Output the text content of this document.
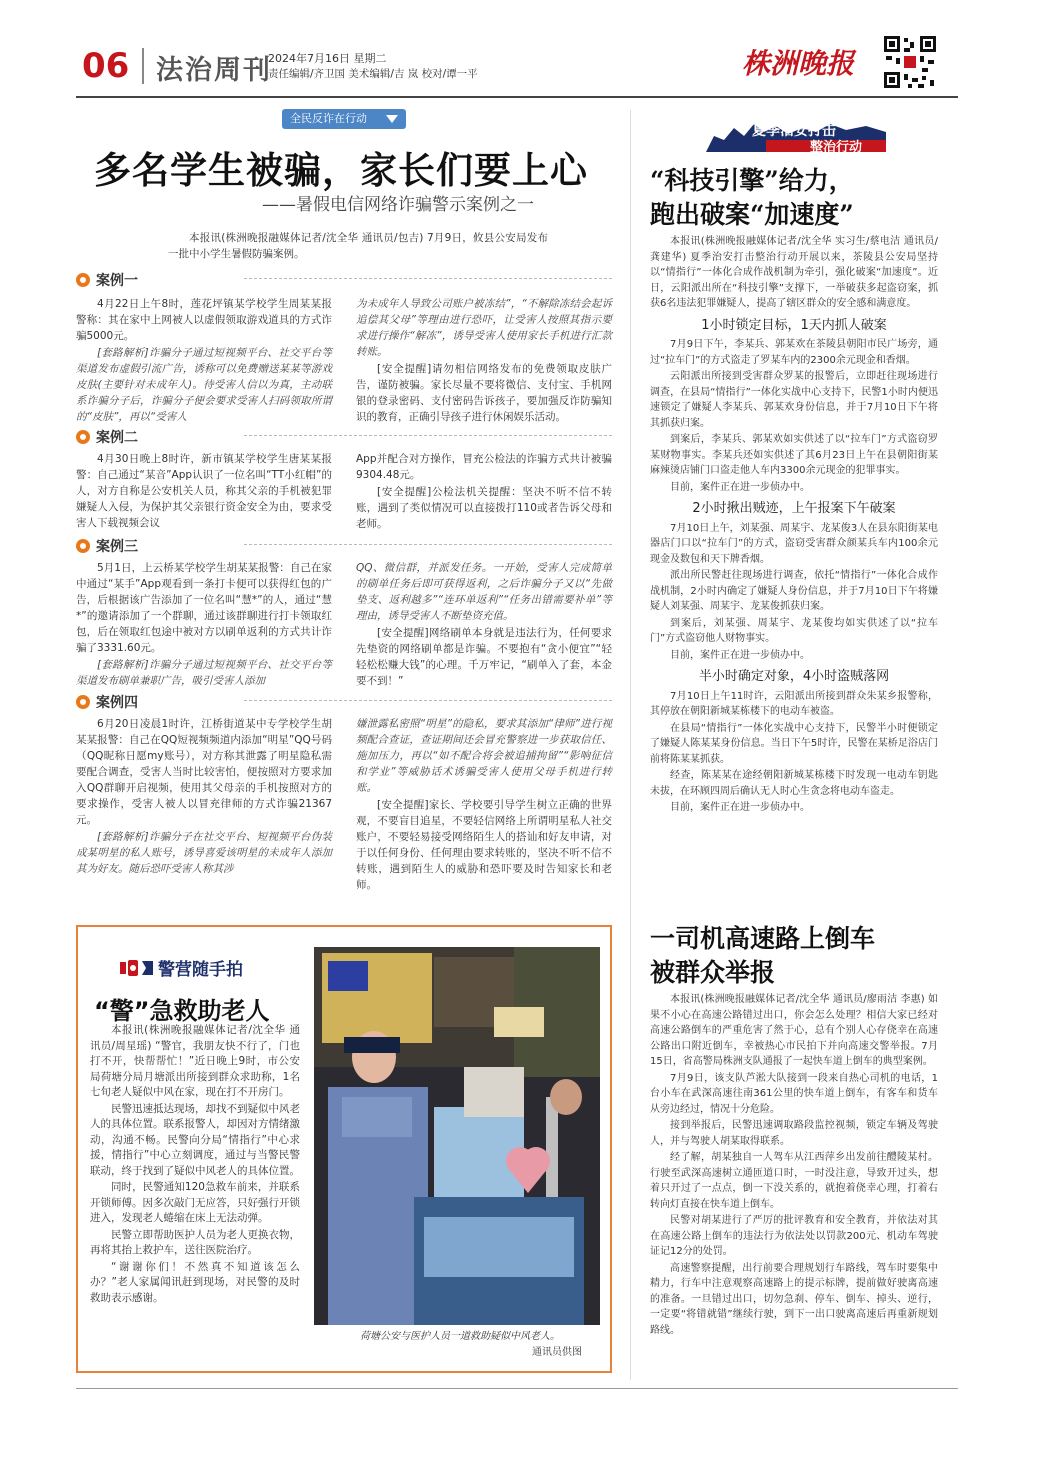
06 法治周刊
2024年7月16日 星期二
责任编辑/齐卫国 美术编辑/吉 岚 校对/谭一平	株洲晚报
全民反诈在行动
多名学生被骗，家长们要上心
——暑假电信网络诈骗警示案例之一
本报讯(株洲晚报融媒体记者/沈全华 通讯员/包吉) 7月9日，攸县公安局发布一批中小学生暑假防骗案例。
案例一

4月22日上午8时，莲花坪镇某学校学生周某某报警称：其在家中上网被人以虚假领取游戏道具的方式诈骗5000元。

[套路解析]诈骗分子通过短视频平台、社交平台等渠道发布虚假引流广告，诱称可以免费赠送某某等游戏皮肤(主要针对未成年人)。待受害人信以为真，主动联系诈骗分子后，诈骗分子便会要求受害人扫码领取所谓的“皮肤”，再以“受害人

为未成年人导致公司账户被冻结”，“不解除冻结会起诉追偿其父母”等理由进行恐吓，让受害人按照其指示要求进行操作“解冻”，诱导受害人使用家长手机进行汇款转账。

[安全提醒]请勿相信网络发布的免费领取皮肤广告，谨防被骗。家长尽量不要将微信、支付宝、手机网银的登录密码、支付密码告诉孩子，要加强反诈防骗知识的教育，正确引导孩子进行休闲娱乐活动。

案例二

4月30日晚上8时许，新市镇某学校学生唐某某报警：自己通过“某音”App认识了一位名叫“TT小红帽”的人，对方自称是公安机关人员，称其父亲的手机被犯罪嫌疑人入侵，为保护其父亲银行资金安全为由，要求受害人下载视频会议

App并配合对方操作，冒充公检法的诈骗方式共计被骗9304.48元。

[安全提醒]公检法机关提醒：坚决不听不信不转账，遇到了类似情况可以直接拨打110或者告诉父母和老师。

案例三

5月1日，上云桥某学校学生胡某某报警：自己在家中通过“某手”App观看到一条打卡便可以获得红包的广告，后根据该广告添加了一位名叫“慧*”的人，通过“慧*”的邀请添加了一个群聊，通过该群聊进行打卡领取红包，后在领取红包途中被对方以刷单返利的方式共计诈骗了3331.60元。

[套路解析]诈骗分子通过短视频平台、社交平台等渠道发布刷单兼职广告，吸引受害人添加

QQ、微信群，并派发任务。一开始，受害人完成简单的刷单任务后即可获得返利，之后诈骗分子又以“先做垫支、返利越多”“连环单返利”“任务出错需要补单”等理由，诱导受害人不断垫资充值。

[安全提醒]网络刷单本身就是违法行为，任何要求先垫资的网络刷单都是诈骗。不要抱有“贪小便宜”“轻轻松松赚大钱”的心理。千万牢记，“刷单入了套，本金要不到！”

案例四

6月20日凌晨1时许，江桥街道某中专学校学生胡某某报警：自己在QQ短视频频道内添加“明星”QQ号码（QQ昵称日愿my账号），对方称其泄露了明星隐私需要配合调查，受害人当时比较害怕，便按照对方要求加入QQ群聊开启视频，使用其父母亲的手机按照对方的要求操作，受害人被人以冒充律师的方式诈骗21367元。

[套路解析]诈骗分子在社交平台、短视频平台伪装成某明星的私人账号，诱导喜爱该明星的未成年人添加其为好友。随后恐吓受害人称其涉

嫌泄露私密照“明星”的隐私，要求其添加“律师”进行视频配合查证，查证期间还会冒充警察进一步获取信任、施加压力，再以“如不配合将会被追捕拘留”“影响征信和学业”等威胁话术诱骗受害人使用父母手机进行转账。

[安全提醒]家长、学校要引导学生树立正确的世界观，不要盲目追星，不要轻信网络上所谓明星私人社交账户，不要轻易接受网络陌生人的搭讪和好友申请，对于以任何身份、任何理由要求转账的，坚决不听不信不转账，遇到陌生人的威胁和恐吓要及时告知家长和老师。

警营随手拍
“警”急救助老人

本报讯(株洲晚报融媒体记者/沈全华 通讯员/周星瑶) “警官，我朋友快不行了，门也打不开，快帮帮忙！”近日晚上9时，市公安局荷塘分局月塘派出所接到群众求助称，1名七旬老人疑似中风在家，现在打不开房门。

民警迅速抵达现场，却找不到疑似中风老人的具体位置。联系报警人，却因对方情绪激动，沟通不畅。民警向分局“情指行”中心求援，情指行”中心立刻调度，通过与当警民警联动，终于找到了疑似中风老人的具体位置。

同时，民警通知120急救车前来，并联系开锁师傅。因多次敲门无应答，只好强行开锁进入，发现老人蜷缩在床上无法动弹。

民警立即帮助医护人员为老人更换衣物，再将其抬上救护车，送往医院治疗。

“谢谢你们！不然真不知道该怎么办？”老人家属闻讯赶到现场，对民警的及时救助表示感谢。

荷塘公安与医护人员一道救助疑似中风老人。
通讯员供图
夏季治安打击
整治行动
“科技引擎”给力，
跑出破案“加速度”

本报讯(株洲晚报融媒体记者/沈全华 实习生/蔡电洁 通讯员/龚建华) 夏季治安打击整治行动开展以来，茶陵县公安局坚持以“情指行”一体化合成作战机制为牵引，强化破案“加速度”。近日，云阳派出所在“科技引擎”支撑下，一举破获多起盗窃案，抓获6名违法犯罪嫌疑人，提高了辖区群众的安全感和满意度。

1小时锁定目标，1天内抓人破案

7月9日下午，李某兵、郭某欢在茶陵县朝阳市民广场旁，通过“拉车门”的方式盗走了罗某车内的2300余元现金和香烟。

云阳派出所接到受害群众罗某的报警后，立即赶往现场进行调查，在县局“情指行”一体化实战中心支持下，民警1小时内便迅速锁定了嫌疑人李某兵、郭某欢身份信息，并于7月10日下午将其抓获归案。

到案后，李某兵、郭某欢如实供述了以“拉车门”方式盗窃罗某财物事实。李某兵还如实供述了其6月23日上午在县朝阳街某麻辣烫店铺门口盗走他人车内3300余元现金的犯罪事实。

目前，案件正在进一步侦办中。

2小时揪出贼迹，上午报案下午破案

7月10日上午，刘某强、周某宇、龙某俊3人在县东阳街某电器店门口以“拉车门”的方式，盗窃受害群众颜某兵车内100余元现金及数包和天下牌香烟。

派出所民警赶往现场进行调查，依托“情指行”一体化合成作战机制，2小时内确定了嫌疑人身份信息，并于7月10日下午将嫌疑人刘某强、周某宇、龙某俊抓获归案。

到案后，刘某强、周某宇、龙某俊均如实供述了以“拉车门”方式盗窃他人财物事实。

目前，案件正在进一步侦办中。

半小时确定对象，4小时盗贼落网

7月10日上午11时许，云阳派出所接到群众朱某乡报警称，其停放在朝阳新城某栋楼下的电动车被盗。

在县局“情指行”一体化实战中心支持下，民警半小时便锁定了嫌疑人陈某某身份信息。当日下午5时许，民警在某桥足浴店门前将陈某某抓获。

经查，陈某某在途经朝阳新城某栋楼下时发现一电动车钥匙未拔，在环顾四周后确认无人时心生贪念将电动车盗走。

目前，案件正在进一步侦办中。

一司机高速路上倒车
被群众举报

本报讯(株洲晚报融媒体记者/沈全华 通讯员/廖雨洁 李惠) 如果不小心在高速公路错过出口，你会怎么处理？相信大家已经对高速公路倒车的严重危害了然于心，总有个别人心存侥幸在高速公路出口附近倒车，幸被热心市民拍下并向高速交警举报。7月15日，省高警局株洲支队通报了一起快车道上倒车的典型案例。

7月9日，该支队芦淞大队接到一段来自热心司机的电话，1台小车在武深高速往南361公里的快车道上倒车，有客车和货车从旁边经过，情况十分危险。

接到举报后，民警迅速调取路段监控视频，锁定车辆及驾驶人，并与驾驶人胡某取得联系。

经了解，胡某独自一人驾车从江西萍乡出发前往醴陵某村。行驶至武深高速树立通匝道口时，一时没注意，导致开过头，想着只开过了一点点，倒一下没关系的，就抱着侥幸心理，打着右转向灯直接在快车道上倒车。

民警对胡某进行了严厉的批评教育和安全教育，并依法对其在高速公路上倒车的违法行为依法处以罚款200元、机动车驾驶证记12分的处罚。

高速警察提醒，出行前要合理规划行车路线，驾车时要集中精力，行车中注意观察高速路上的提示标牌，提前做好驶离高速的准备。一旦错过出口，切勿急刹、停车、倒车、掉头、逆行，一定要“将错就错”继续行驶，到下一出口驶离高速后再重新规划路线。
